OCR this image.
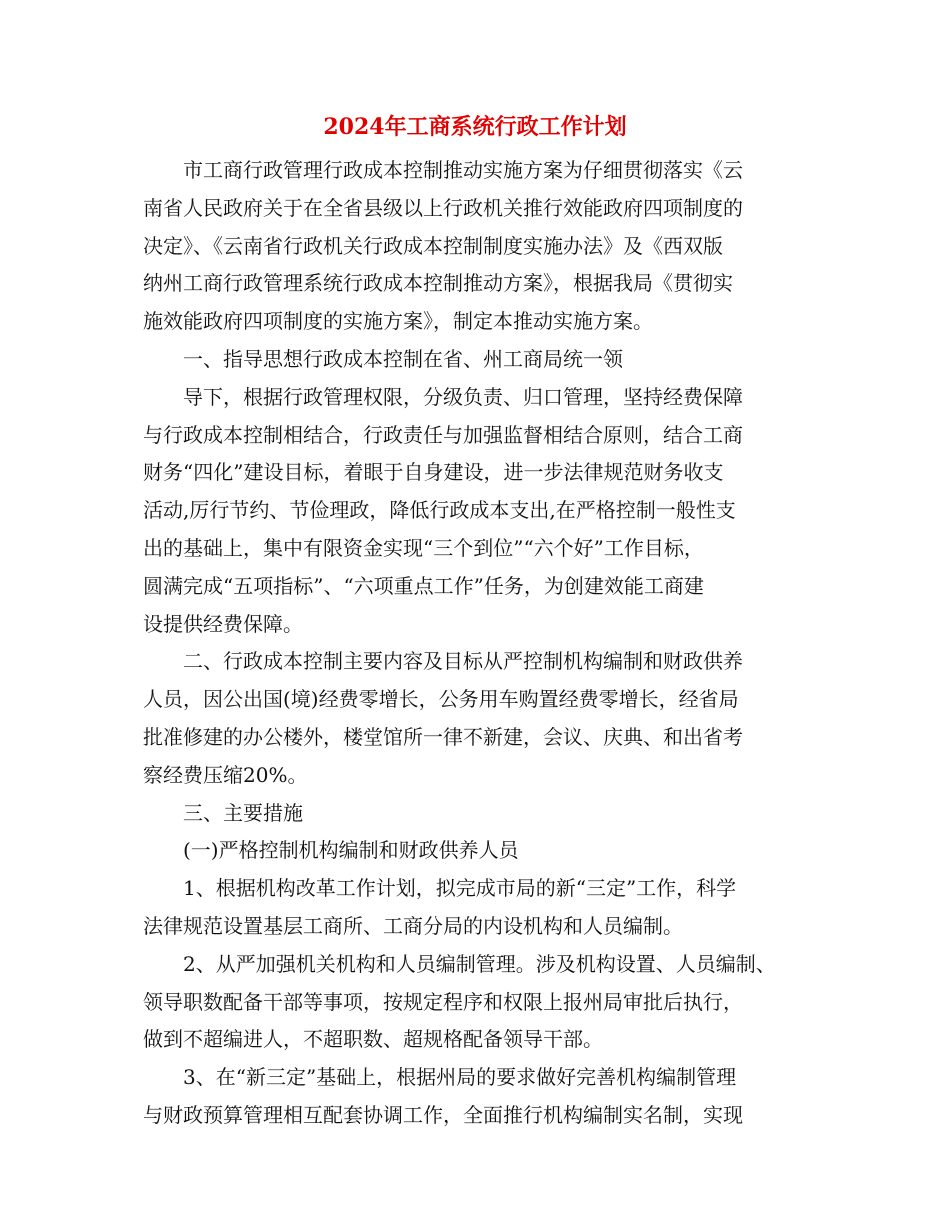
2024年工商系统行政工作计划
市工商行政管理行政成本控制推动实施方案为仔细贯彻落实《云
南省人民政府关于在全省县级以上行政机关推行效能政府四项制度的
决定》、《云南省行政机关行政成本控制制度实施办法》及《西双版
纳州工商行政管理系统行政成本控制推动方案》，根据我局《贯彻实
施效能政府四项制度的实施方案》，制定本推动实施方案。
一、指导思想行政成本控制在省、州工商局统一领
导下，根据行政管理权限，分级负责、归口管理，坚持经费保障
与行政成本控制相结合，行政责任与加强监督相结合原则，结合工商
财务“四化”建设目标，着眼于自身建设，进一步法律规范财务收支
活动,厉行节约、节俭理政，降低行政成本支出,在严格控制一般性支
出的基础上，集中有限资金实现“三个到位”“六个好”工作目标，
圆满完成“五项指标”、“六项重点工作”任务，为创建效能工商建
设提供经费保障。
二、行政成本控制主要内容及目标从严控制机构编制和财政供养
人员，因公出国(境)经费零增长，公务用车购置经费零增长，经省局
批准修建的办公楼外，楼堂馆所一律不新建，会议、庆典、和出省考
察经费压缩20%。
三、主要措施
(一)严格控制机构编制和财政供养人员
1、根据机构改革工作计划，拟完成市局的新“三定”工作，科学
法律规范设置基层工商所、工商分局的内设机构和人员编制。
2、从严加强机关机构和人员编制管理。涉及机构设置、人员编制、
领导职数配备干部等事项，按规定程序和权限上报州局审批后执行，
做到不超编进人，不超职数、超规格配备领导干部。
3、在“新三定”基础上，根据州局的要求做好完善机构编制管理
与财政预算管理相互配套协调工作，全面推行机构编制实名制，实现
